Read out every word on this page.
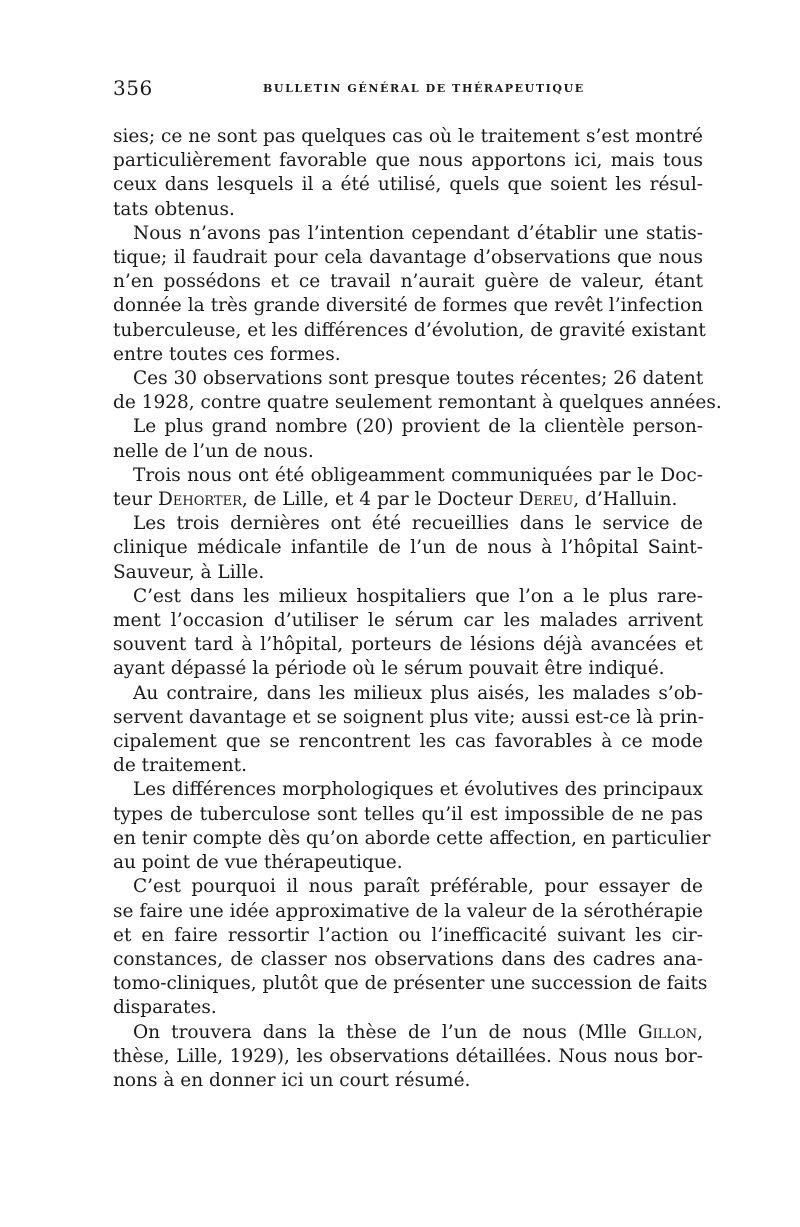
356	BULLETIN GÉNÉRAL DE THÉRAPEUTIQUE
sies; ce ne sont pas quelques cas où le traitement s’est montré
particulièrement favorable que nous apportons ici, mais tous
ceux dans lesquels il a été utilisé, quels que soient les résul-
tats obtenus.
Nous n’avons pas l’intention cependant d’établir une statis-
tique; il faudrait pour cela davantage d’observations que nous
n’en possédons et ce travail n’aurait guère de valeur, étant
donnée la très grande diversité de formes que revêt l’infection
tuberculeuse, et les différences d’évolution, de gravité existant
entre toutes ces formes.
Ces 30 observations sont presque toutes récentes; 26 datent
de 1928, contre quatre seulement remontant à quelques années.
Le plus grand nombre (20) provient de la clientèle person-
nelle de l’un de nous.
Trois nous ont été obligeamment communiquées par le Doc-
teur Dehorter, de Lille, et 4 par le Docteur Dereu, d’Halluin.
Les trois dernières ont été recueillies dans le service de
clinique médicale infantile de l’un de nous à l’hôpital Saint-
Sauveur, à Lille.
C’est dans les milieux hospitaliers que l’on a le plus rare-
ment l’occasion d’utiliser le sérum car les malades arrivent
souvent tard à l’hôpital, porteurs de lésions déjà avancées et
ayant dépassé la période où le sérum pouvait être indiqué.
Au contraire, dans les milieux plus aisés, les malades s’ob-
servent davantage et se soignent plus vite; aussi est-ce là prin-
cipalement que se rencontrent les cas favorables à ce mode
de traitement.
Les différences morphologiques et évolutives des principaux
types de tuberculose sont telles qu’il est impossible de ne pas
en tenir compte dès qu’on aborde cette affection, en particulier
au point de vue thérapeutique.
C’est pourquoi il nous paraît préférable, pour essayer de
se faire une idée approximative de la valeur de la sérothérapie
et en faire ressortir l’action ou l’inefficacité suivant les cir-
constances, de classer nos observations dans des cadres ana-
tomo-cliniques, plutôt que de présenter une succession de faits
disparates.
On trouvera dans la thèse de l’un de nous (Mlle Gillon,
thèse, Lille, 1929), les observations détaillées. Nous nous bor-
nons à en donner ici un court résumé.
